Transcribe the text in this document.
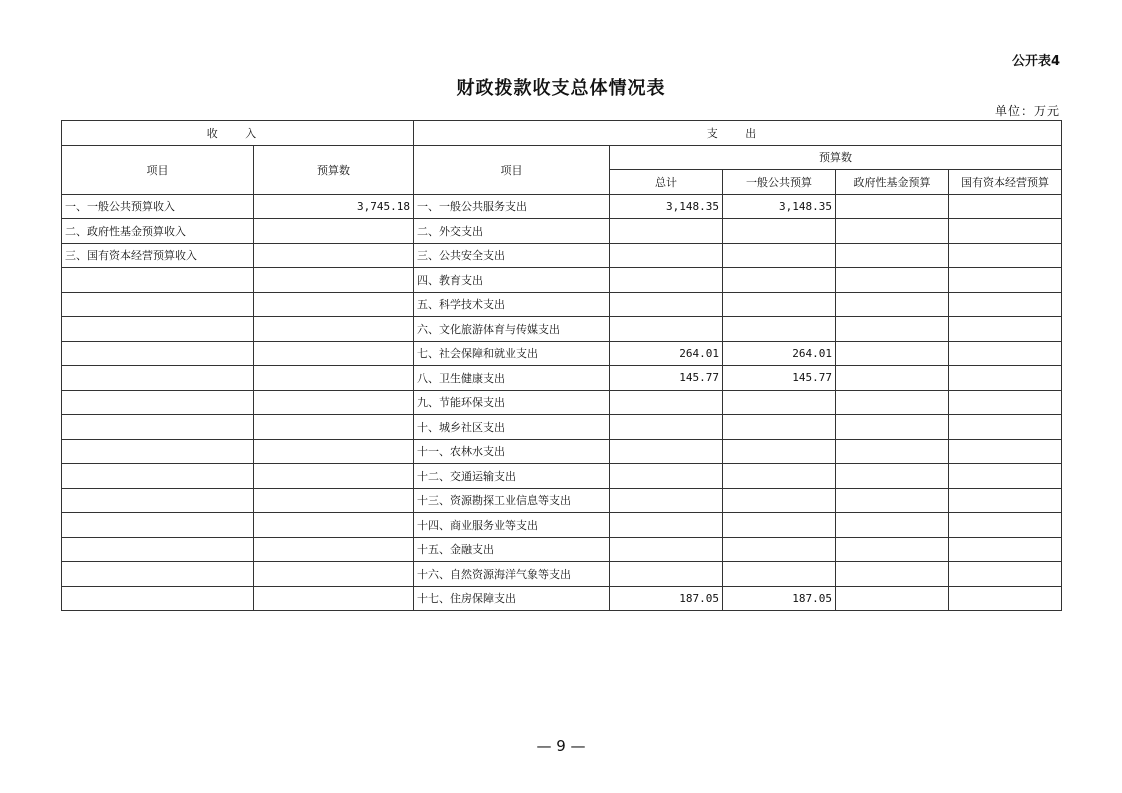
公开表4
财政拨款收支总体情况表
单位：万元
收 入		支 出				
项目	预算数	项目	预算数			
			总计	一般公共预算	政府性基金预算	国有资本经营预算
一、一般公共预算收入	3,745.18	一、一般公共服务支出	3,148.35	3,148.35		
二、政府性基金预算收入		二、外交支出				
三、国有资本经营预算收入		三、公共安全支出				
		四、教育支出				
		五、科学技术支出				
		六、文化旅游体育与传媒支出				
		七、社会保障和就业支出	264.01	264.01		
		八、卫生健康支出	145.77	145.77		
		九、节能环保支出				
		十、城乡社区支出				
		十一、农林水支出				
		十二、交通运输支出				
		十三、资源勘探工业信息等支出				
		十四、商业服务业等支出				
		十五、金融支出				
		十六、自然资源海洋气象等支出				
		十七、住房保障支出	187.05	187.05		
— 9 —
